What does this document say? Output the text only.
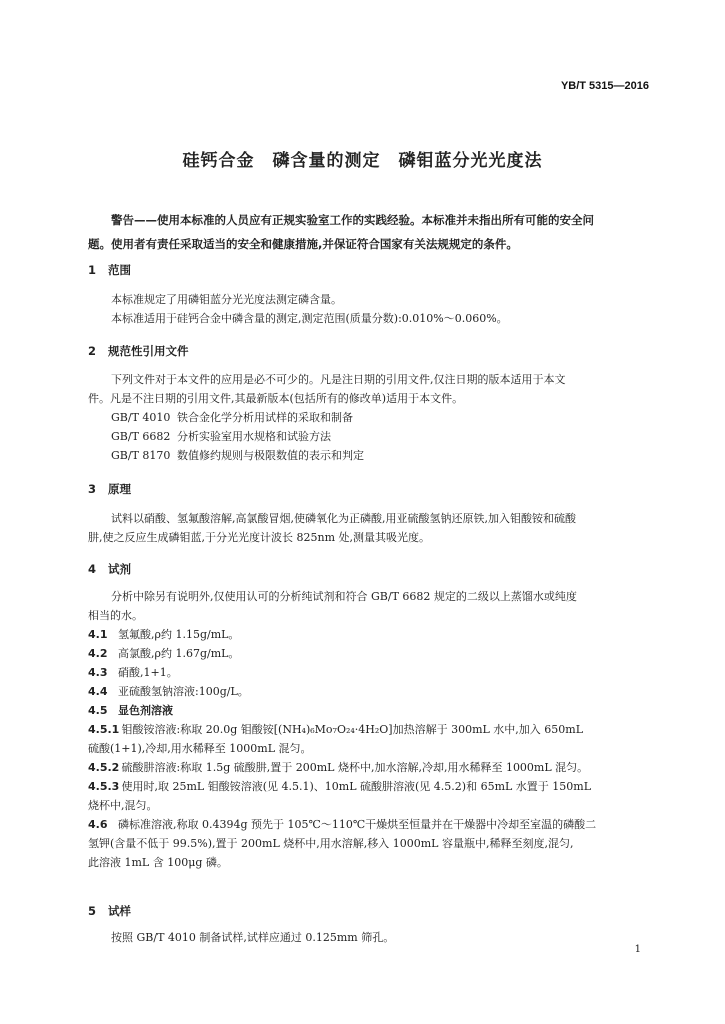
YB/T 5315—2016
硅钙合金　磷含量的测定　磷钼蓝分光光度法
警告——使用本标准的人员应有正规实验室工作的实践经验。本标准并未指出所有可能的安全问
题。使用者有责任采取适当的安全和健康措施,并保证符合国家有关法规规定的条件。
1 范围
本标准规定了用磷钼蓝分光光度法测定磷含量。
本标准适用于硅钙合金中磷含量的测定,测定范围(质量分数):0.010%～0.060%。
2 规范性引用文件
下列文件对于本文件的应用是必不可少的。凡是注日期的引用文件,仅注日期的版本适用于本文
件。凡是不注日期的引用文件,其最新版本(包括所有的修改单)适用于本文件。
GB/T 4010 铁合金化学分析用试样的采取和制备
GB/T 6682 分析实验室用水规格和试验方法
GB/T 8170 数值修约规则与极限数值的表示和判定
3 原理
试料以硝酸、氢氟酸溶解,高氯酸冒烟,使磷氧化为正磷酸,用亚硫酸氢钠还原铁,加入钼酸铵和硫酸
肼,使之反应生成磷钼蓝,于分光光度计波长 825nm 处,测量其吸光度。
4 试剂
分析中除另有说明外,仅使用认可的分析纯试剂和符合 GB/T 6682 规定的二级以上蒸馏水或纯度
相当的水。
4.1 氢氟酸,ρ约 1.15g/mL。
4.2 高氯酸,ρ约 1.67g/mL。
4.3 硝酸,1+1。
4.4 亚硫酸氢钠溶液:100g/L。
4.5 显色剂溶液
4.5.1 钼酸铵溶液:称取 20.0g 钼酸铵[(NH₄)₆Mo₇O₂₄·4H₂O]加热溶解于 300mL 水中,加入 650mL
硫酸(1+1),冷却,用水稀释至 1000mL 混匀。
4.5.2 硫酸肼溶液:称取 1.5g 硫酸肼,置于 200mL 烧杯中,加水溶解,冷却,用水稀释至 1000mL 混匀。
4.5.3 使用时,取 25mL 钼酸铵溶液(见 4.5.1)、10mL 硫酸肼溶液(见 4.5.2)和 65mL 水置于 150mL
烧杯中,混匀。
4.6 磷标准溶液,称取 0.4394g 预先于 105℃～110℃干燥烘至恒量并在干燥器中冷却至室温的磷酸二
氢钾(含量不低于 99.5%),置于 200mL 烧杯中,用水溶解,移入 1000mL 容量瓶中,稀释至刻度,混匀,
此溶液 1mL 含 100μg 磷。
5 试样
按照 GB/T 4010 制备试样,试样应通过 0.125mm 筛孔。
1
